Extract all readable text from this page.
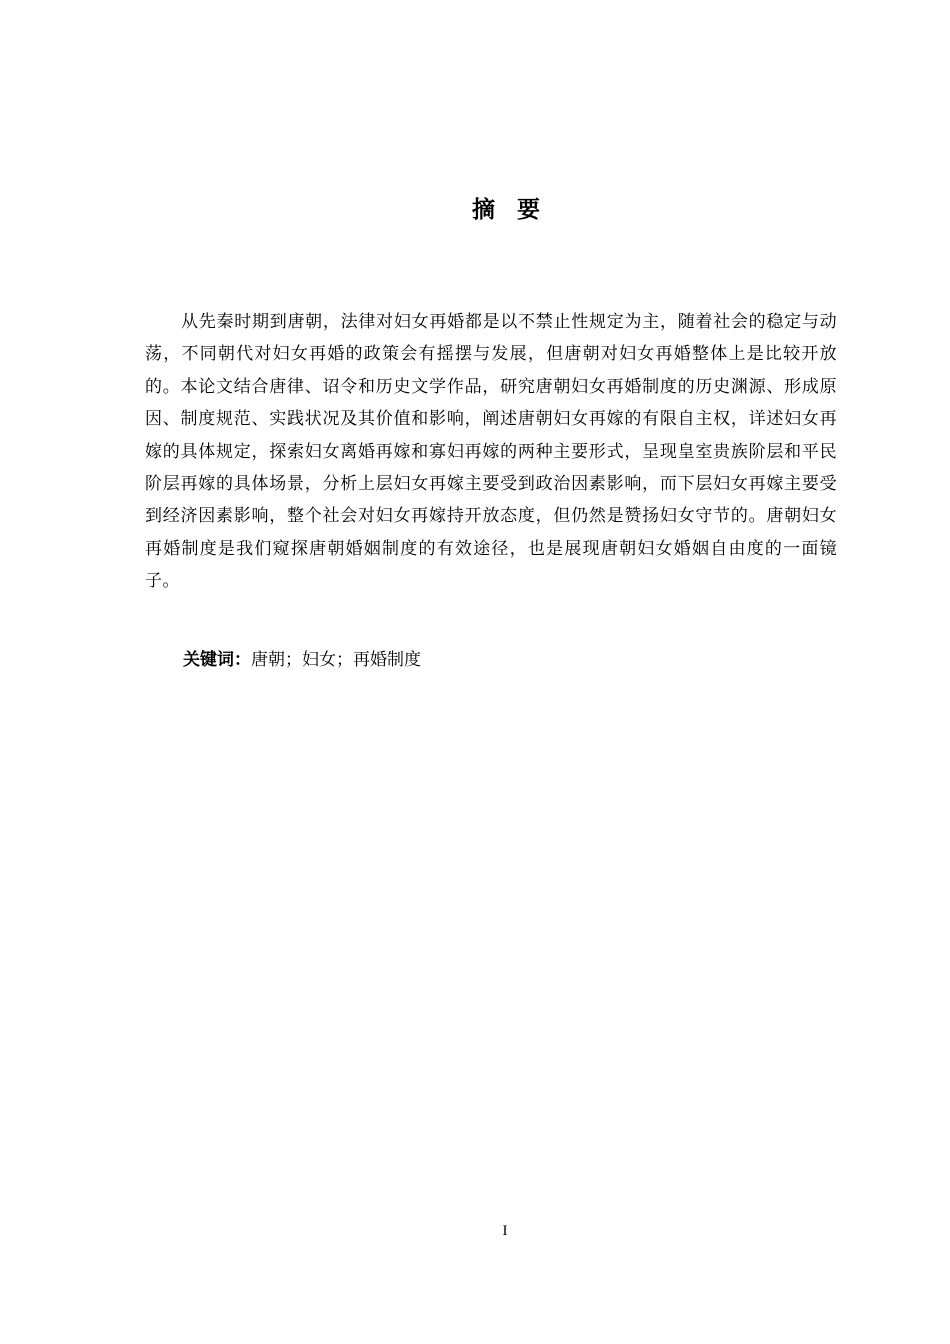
摘 要

从先秦时期到唐朝，法律对妇女再婚都是以不禁止性规定为主，随着社会的稳定与动荡，不同朝代对妇女再婚的政策会有摇摆与发展，但唐朝对妇女再婚整体上是比较开放的。本论文结合唐律、诏令和历史文学作品，研究唐朝妇女再婚制度的历史渊源、形成原因、制度规范、实践状况及其价值和影响，阐述唐朝妇女再嫁的有限自主权，详述妇女再嫁的具体规定，探索妇女离婚再嫁和寡妇再嫁的两种主要形式，呈现皇室贵族阶层和平民阶层再嫁的具体场景，分析上层妇女再嫁主要受到政治因素影响，而下层妇女再嫁主要受到经济因素影响，整个社会对妇女再嫁持开放态度，但仍然是赞扬妇女守节的。唐朝妇女再婚制度是我们窥探唐朝婚姻制度的有效途径，也是展现唐朝妇女婚姻自由度的一面镜子。

关键词：唐朝；妇女；再婚制度
I
